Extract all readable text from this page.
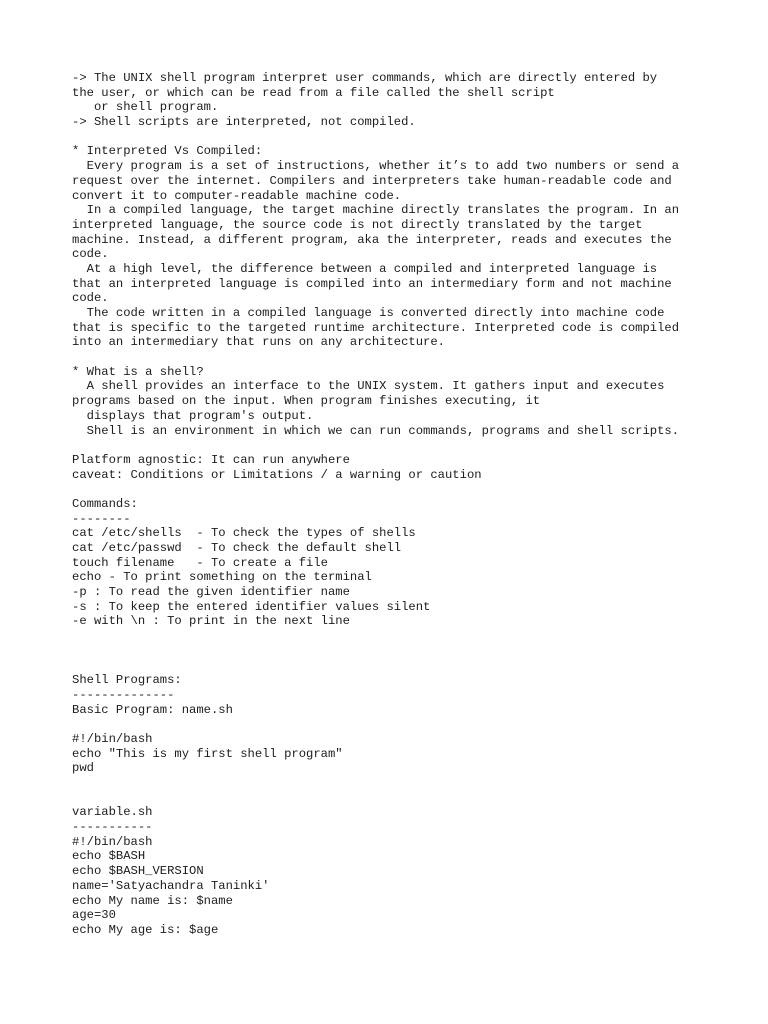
-> The UNIX shell program interpret user commands, which are directly entered by
the user, or which can be read from a file called the shell script
or shell program.
-> Shell scripts are interpreted, not compiled.
* Interpreted Vs Compiled:
Every program is a set of instructions, whether it’s to add two numbers or send a
request over the internet. Compilers and interpreters take human-readable code and
convert it to computer-readable machine code.
In a compiled language, the target machine directly translates the program. In an
interpreted language, the source code is not directly translated by the target
machine. Instead, a different program, aka the interpreter, reads and executes the
code.
At a high level, the difference between a compiled and interpreted language is
that an interpreted language is compiled into an intermediary form and not machine
code.
The code written in a compiled language is converted directly into machine code
that is specific to the targeted runtime architecture. Interpreted code is compiled
into an intermediary that runs on any architecture.
* What is a shell?
A shell provides an interface to the UNIX system. It gathers input and executes
programs based on the input. When program finishes executing, it
displays that program's output.
Shell is an environment in which we can run commands, programs and shell scripts.
Platform agnostic: It can run anywhere
caveat: Conditions or Limitations / a warning or caution
Commands:
--------
cat /etc/shells  - To check the types of shells
cat /etc/passwd  - To check the default shell
touch filename   - To create a file
echo - To print something on the terminal
-p : To read the given identifier name
-s : To keep the entered identifier values silent
-e with \n : To print in the next line
Shell Programs:
--------------
Basic Program: name.sh
#!/bin/bash
echo "This is my first shell program"
pwd
variable.sh
-----------
#!/bin/bash
echo $BASH
echo $BASH_VERSION
name='Satyachandra Taninki'
echo My name is: $name
age=30
echo My age is: $age
